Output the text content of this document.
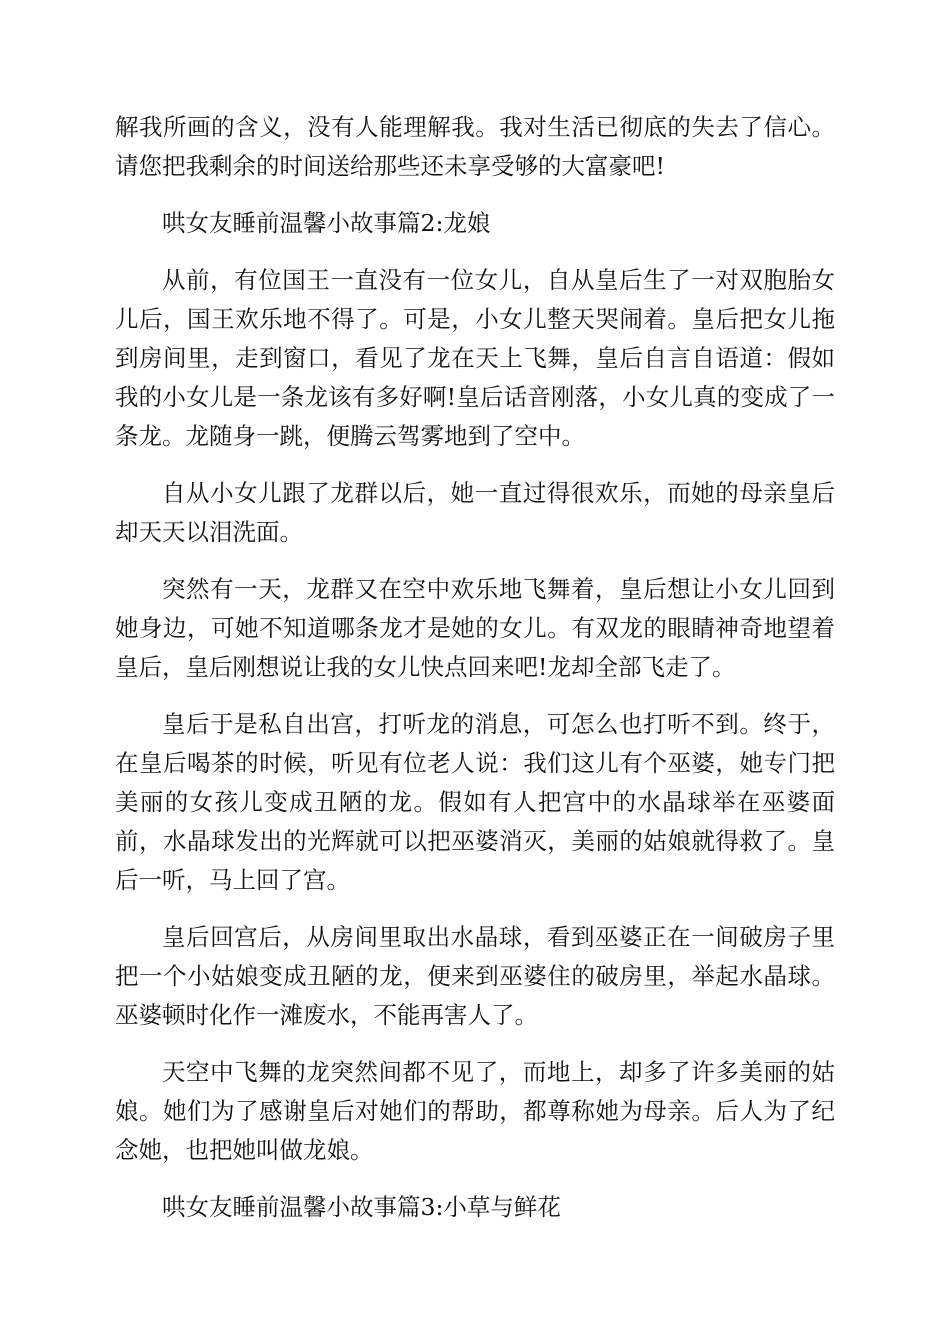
解我所画的含义，没有人能理解我。我对生活已彻底的失去了信心。请您把我剩余的时间送给那些还未享受够的大富豪吧!

哄女友睡前温馨小故事篇2:龙娘

从前，有位国王一直没有一位女儿，自从皇后生了一对双胞胎女儿后，国王欢乐地不得了。可是，小女儿整天哭闹着。皇后把女儿拖到房间里，走到窗口，看见了龙在天上飞舞，皇后自言自语道：假如我的小女儿是一条龙该有多好啊!皇后话音刚落，小女儿真的变成了一条龙。龙随身一跳，便腾云驾雾地到了空中。

自从小女儿跟了龙群以后，她一直过得很欢乐，而她的母亲皇后却天天以泪洗面。

突然有一天，龙群又在空中欢乐地飞舞着，皇后想让小女儿回到她身边，可她不知道哪条龙才是她的女儿。有双龙的眼睛神奇地望着皇后，皇后刚想说让我的女儿快点回来吧!龙却全部飞走了。

皇后于是私自出宫，打听龙的消息，可怎么也打听不到。终于，在皇后喝茶的时候，听见有位老人说：我们这儿有个巫婆，她专门把美丽的女孩儿变成丑陋的龙。假如有人把宫中的水晶球举在巫婆面前，水晶球发出的光辉就可以把巫婆消灭，美丽的姑娘就得救了。皇后一听，马上回了宫。

皇后回宫后，从房间里取出水晶球，看到巫婆正在一间破房子里把一个小姑娘变成丑陋的龙，便来到巫婆住的破房里，举起水晶球。巫婆顿时化作一滩废水，不能再害人了。

天空中飞舞的龙突然间都不见了，而地上，却多了许多美丽的姑娘。她们为了感谢皇后对她们的帮助，都尊称她为母亲。后人为了纪念她，也把她叫做龙娘。

哄女友睡前温馨小故事篇3:小草与鲜花
